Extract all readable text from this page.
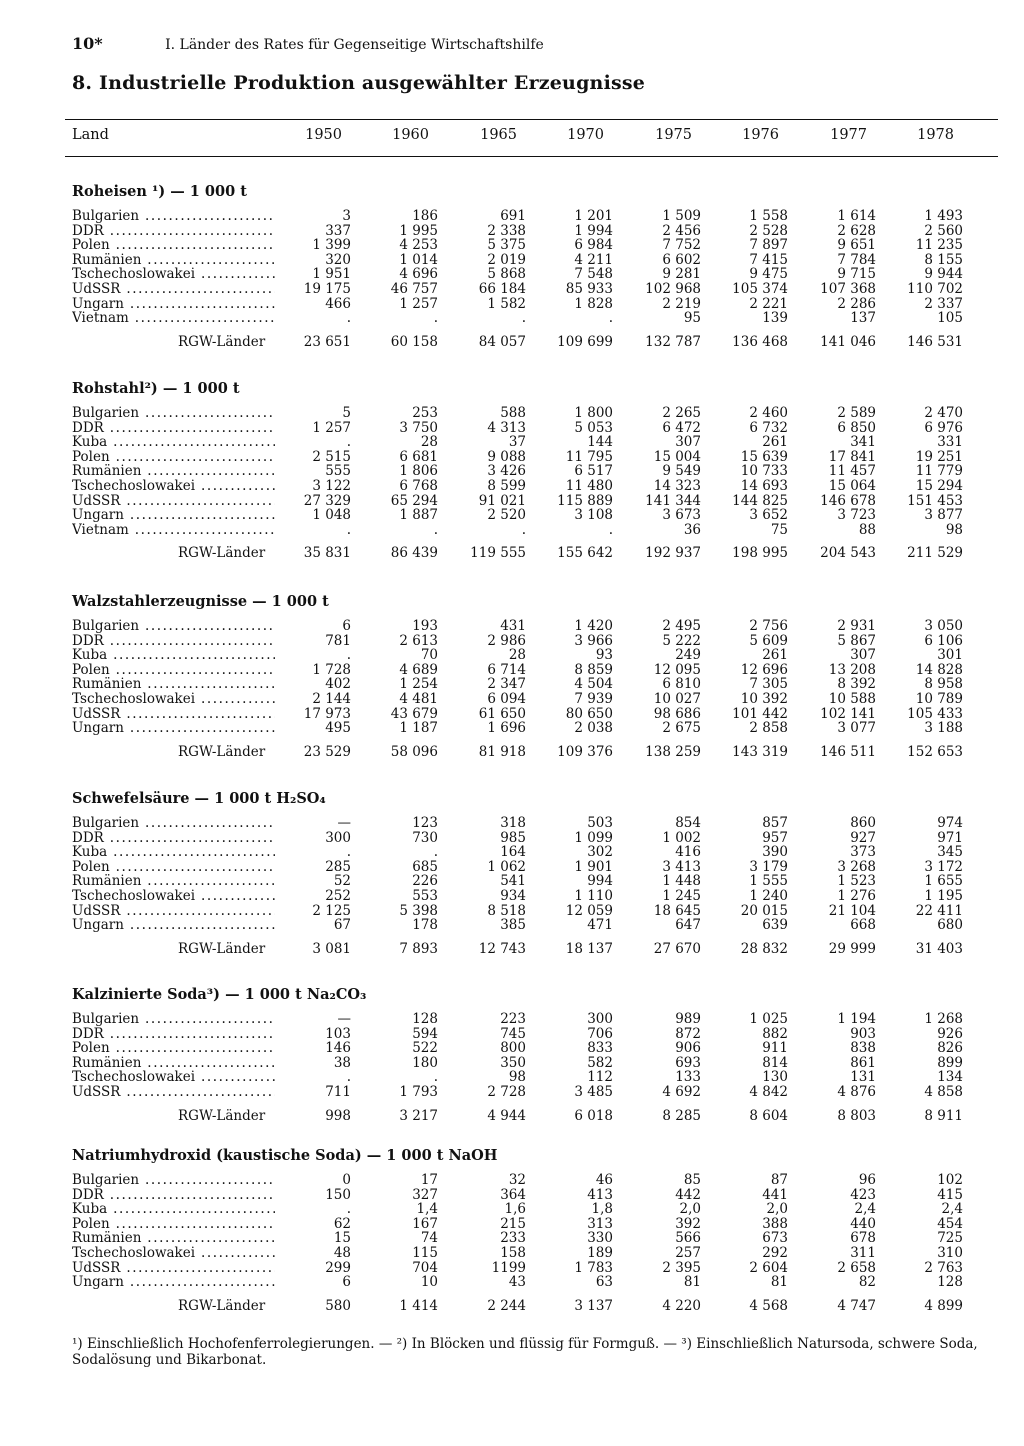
10*	I. Länder des Rates für Gegenseitige Wirtschaftshilfe
8. Industrielle Produktion ausgewählter Erzeugnisse
Land	1950	1960	1965	1970	1975	1976	1977	1978
Roheisen ¹) — 1 000 t
Bulgarien .....	3	186	691	1 201	1 509	1 558	1 614	1 493
DDR .....	337	1 995	2 338	1 994	2 456	2 528	2 628	2 560
Polen .....	1 399	4 253	5 375	6 984	7 752	7 897	9 651	11 235
Rumänien .....	320	1 014	2 019	4 211	6 602	7 415	7 784	8 155
Tschechoslowakei .....	1 951	4 696	5 868	7 548	9 281	9 475	9 715	9 944
UdSSR .....	19 175	46 757	66 184	85 933	102 968	105 374	107 368	110 702
Ungarn .....	466	1 257	1 582	1 828	2 219	2 221	2 286	2 337
Vietnam .....	.	.	.	.	95	139	137	105
RGW-Länder	23 651	60 158	84 057	109 699	132 787	136 468	141 046	146 531
Rohstahl²) — 1 000 t
Bulgarien .....	5	253	588	1 800	2 265	2 460	2 589	2 470
DDR .....	1 257	3 750	4 313	5 053	6 472	6 732	6 850	6 976
Kuba .....	.	28	37	144	307	261	341	331
Polen .....	2 515	6 681	9 088	11 795	15 004	15 639	17 841	19 251
Rumänien .....	555	1 806	3 426	6 517	9 549	10 733	11 457	11 779
Tschechoslowakei .....	3 122	6 768	8 599	11 480	14 323	14 693	15 064	15 294
UdSSR .....	27 329	65 294	91 021	115 889	141 344	144 825	146 678	151 453
Ungarn .....	1 048	1 887	2 520	3 108	3 673	3 652	3 723	3 877
Vietnam .....	.	.	.	.	36	75	88	98
RGW-Länder	35 831	86 439	119 555	155 642	192 937	198 995	204 543	211 529
Walzstahlerzeugnisse — 1 000 t
Bulgarien .....	6	193	431	1 420	2 495	2 756	2 931	3 050
DDR .....	781	2 613	2 986	3 966	5 222	5 609	5 867	6 106
Kuba .....	.	70	28	93	249	261	307	301
Polen .....	1 728	4 689	6 714	8 859	12 095	12 696	13 208	14 828
Rumänien .....	402	1 254	2 347	4 504	6 810	7 305	8 392	8 958
Tschechoslowakei .....	2 144	4 481	6 094	7 939	10 027	10 392	10 588	10 789
UdSSR .....	17 973	43 679	61 650	80 650	98 686	101 442	102 141	105 433
Ungarn .....	495	1 187	1 696	2 038	2 675	2 858	3 077	3 188
RGW-Länder	23 529	58 096	81 918	109 376	138 259	143 319	146 511	152 653
Schwefelsäure — 1 000 t H₂SO₄
Bulgarien .....	—	123	318	503	854	857	860	974
DDR .....	300	730	985	1 099	1 002	957	927	971
Kuba .....	.	.	164	302	416	390	373	345
Polen .....	285	685	1 062	1 901	3 413	3 179	3 268	3 172
Rumänien .....	52	226	541	994	1 448	1 555	1 523	1 655
Tschechoslowakei .....	252	553	934	1 110	1 245	1 240	1 276	1 195
UdSSR .....	2 125	5 398	8 518	12 059	18 645	20 015	21 104	22 411
Ungarn .....	67	178	385	471	647	639	668	680
RGW-Länder	3 081	7 893	12 743	18 137	27 670	28 832	29 999	31 403
Kalzinierte Soda³) — 1 000 t Na₂CO₃
Bulgarien .....	—	128	223	300	989	1 025	1 194	1 268
DDR .....	103	594	745	706	872	882	903	926
Polen .....	146	522	800	833	906	911	838	826
Rumänien .....	38	180	350	582	693	814	861	899
Tschechoslowakei .....	.	.	98	112	133	130	131	134
UdSSR .....	711	1 793	2 728	3 485	4 692	4 842	4 876	4 858
RGW-Länder	998	3 217	4 944	6 018	8 285	8 604	8 803	8 911
Natriumhydroxid (kaustische Soda) — 1 000 t NaOH
Bulgarien .....	0	17	32	46	85	87	96	102
DDR .....	150	327	364	413	442	441	423	415
Kuba .....	.	1,4	1,6	1,8	2,0	2,0	2,4	2,4
Polen .....	62	167	215	313	392	388	440	454
Rumänien .....	15	74	233	330	566	673	678	725
Tschechoslowakei .....	48	115	158	189	257	292	311	310
UdSSR .....	299	704	1199	1 783	2 395	2 604	2 658	2 763
Ungarn .....	6	10	43	63	81	81	82	128
RGW-Länder	580	1 414	2 244	3 137	4 220	4 568	4 747	4 899
¹) Einschließlich Hochofenferrolegierungen. — ²) In Blöcken und flüssig für Formguß. — ³) Einschließlich Natursoda, schwere Soda, Sodalösung und Bikarbonat.
